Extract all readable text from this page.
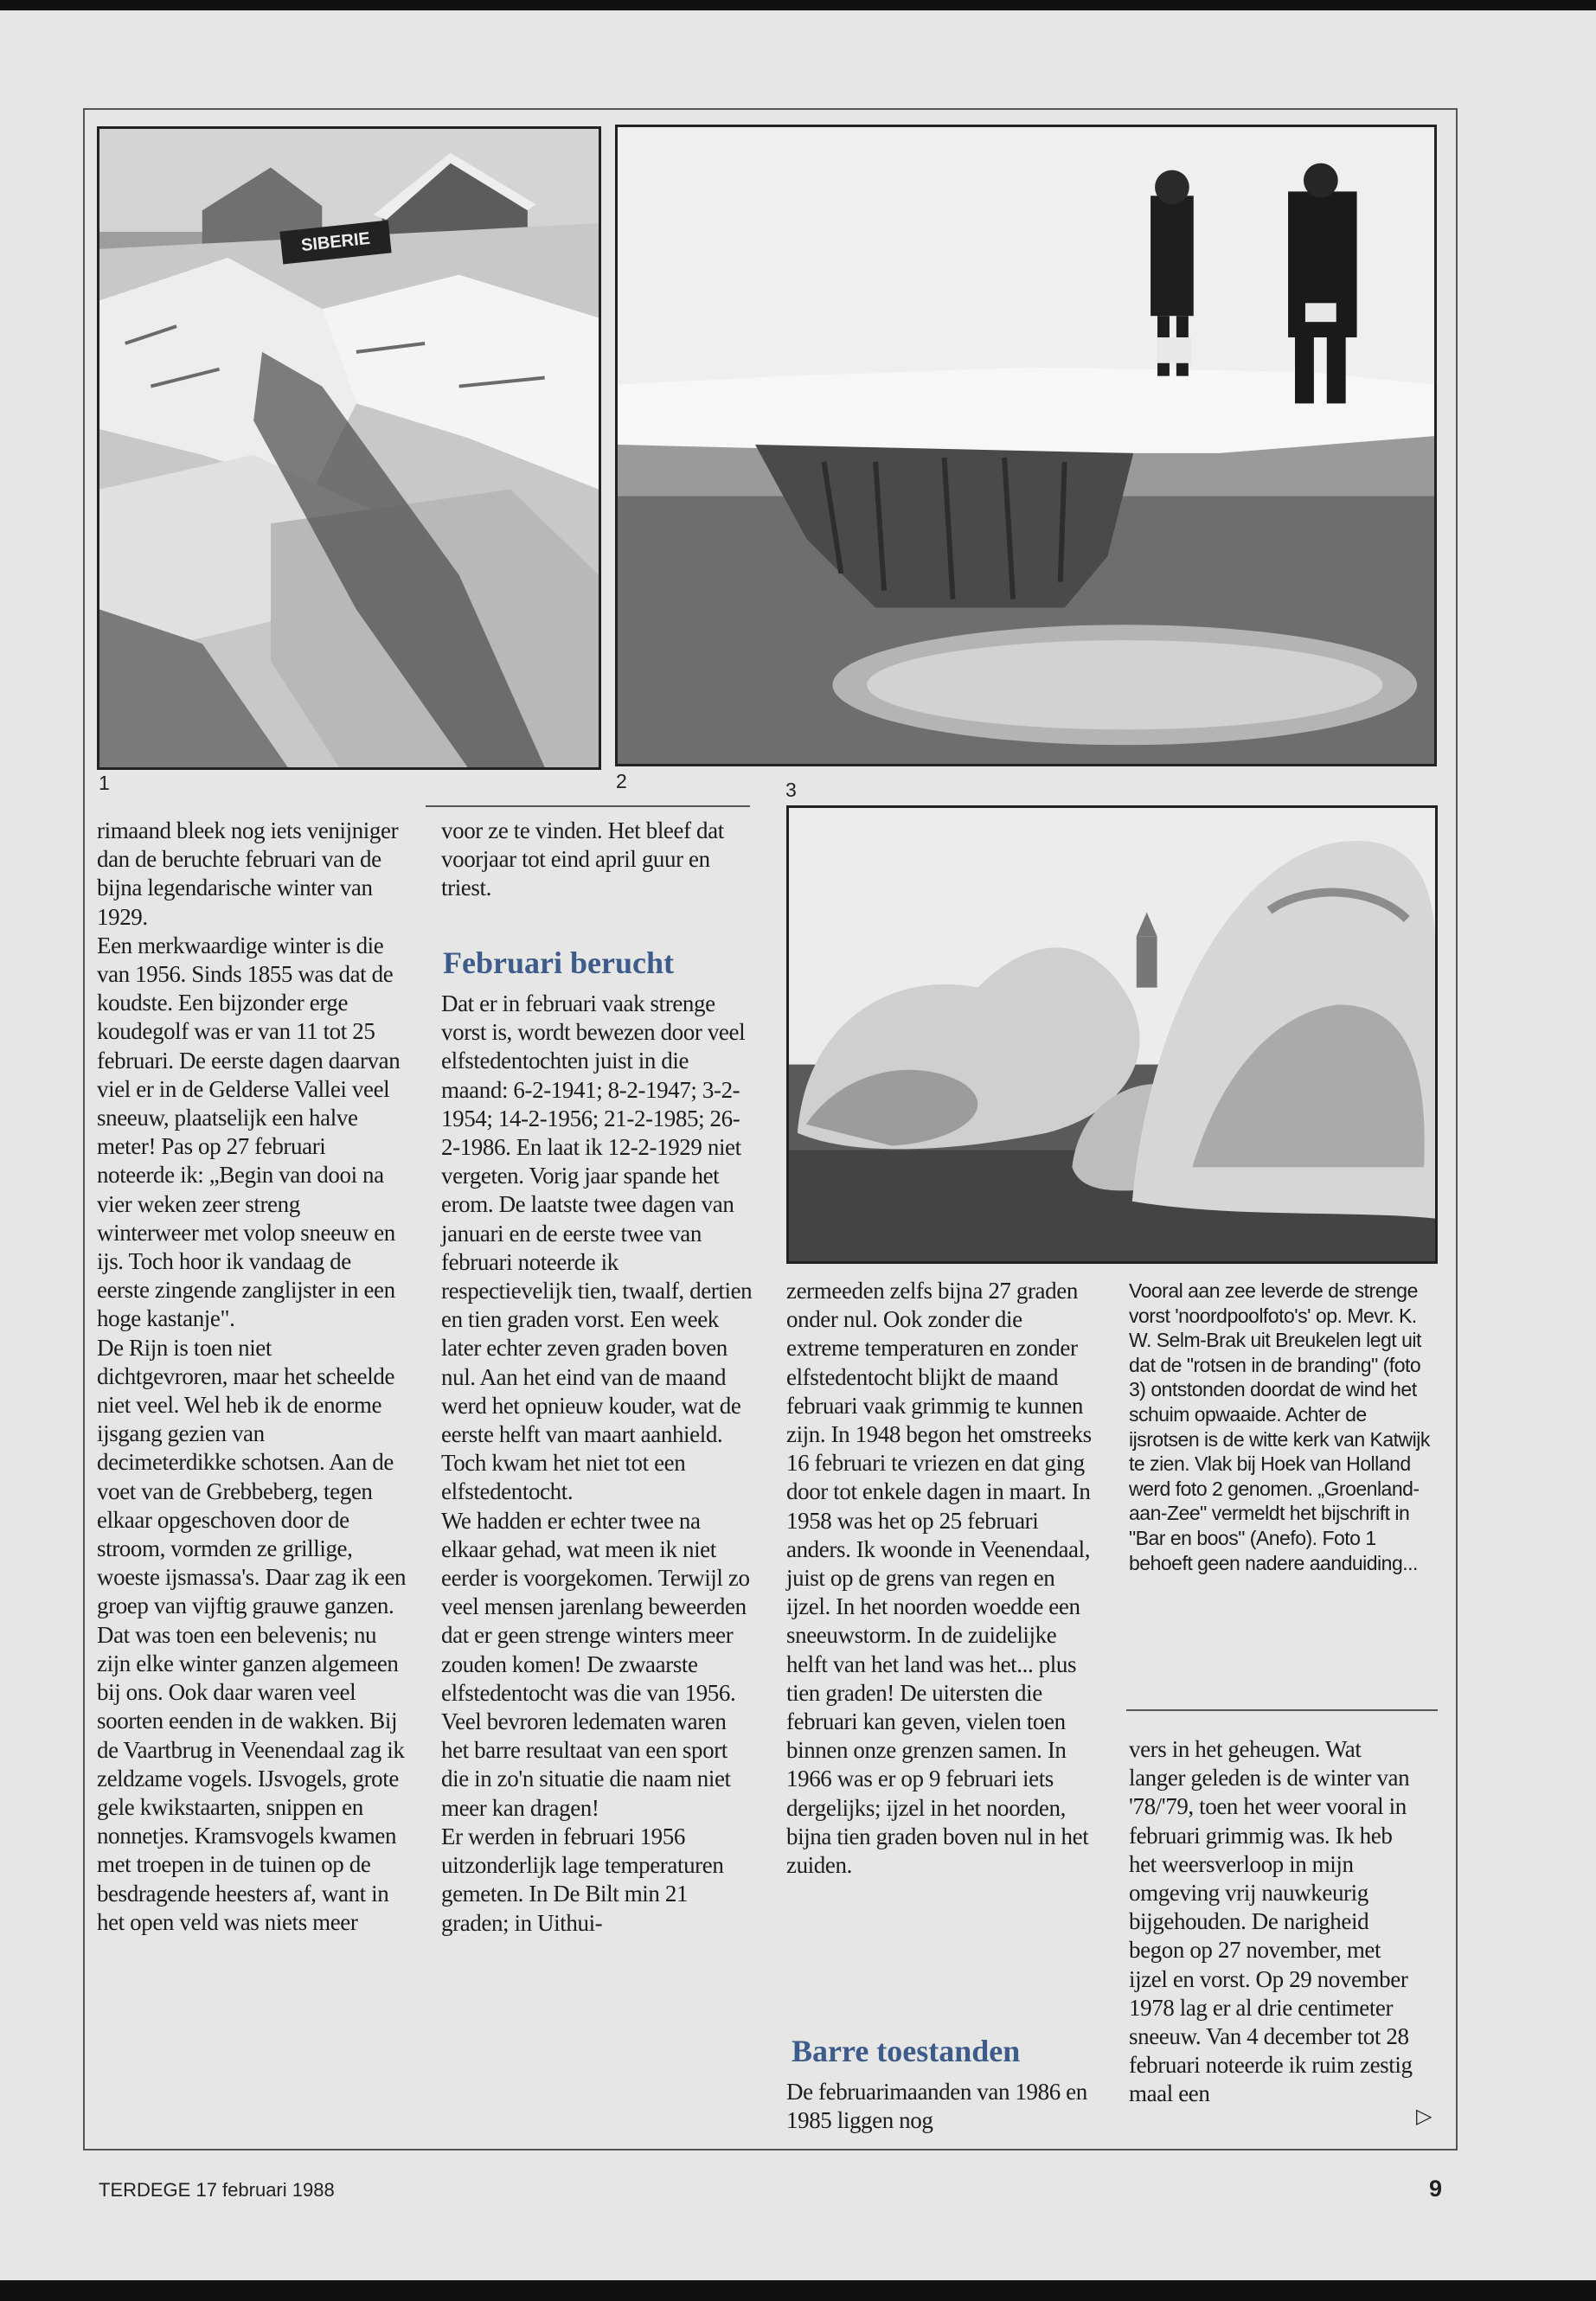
SIBERIE
1	2	3

rimaand bleek nog iets venijniger dan de beruchte februari van de bijna legendarische winter van 1929.

Een merkwaardige winter is die van 1956. Sinds 1855 was dat de koudste. Een bijzonder erge koudegolf was er van 11 tot 25 februari. De eerste dagen daarvan viel er in de Gelderse Vallei veel sneeuw, plaatselijk een halve meter! Pas op 27 februari noteerde ik: „Begin van dooi na vier weken zeer streng winterweer met volop sneeuw en ijs. Toch hoor ik vandaag de eerste zingende zanglijster in een hoge kastanje".

De Rijn is toen niet dichtgevroren, maar het scheelde niet veel. Wel heb ik de enorme ijsgang gezien van decimeterdikke schotsen. Aan de voet van de Grebbeberg, tegen elkaar opgeschoven door de stroom, vormden ze grillige, woeste ijsmassa's. Daar zag ik een groep van vijftig grauwe ganzen. Dat was toen een belevenis; nu zijn elke winter ganzen algemeen bij ons. Ook daar waren veel soorten eenden in de wakken. Bij de Vaartbrug in Veenendaal zag ik zeldzame vogels. IJsvogels, grote gele kwikstaarten, snippen en nonnetjes. Kramsvogels kwamen met troepen in de tuinen op de besdragende heesters af, want in het open veld was niets meer

voor ze te vinden. Het bleef dat voorjaar tot eind april guur en triest.

Februari berucht

Dat er in februari vaak strenge vorst is, wordt bewezen door veel elfstedentochten juist in die maand: 6-2-1941; 8-2-1947; 3-2-1954; 14-2-1956; 21-2-1985; 26-2-1986. En laat ik 12-2-1929 niet vergeten. Vorig jaar spande het erom. De laatste twee dagen van januari en de eerste twee van februari noteerde ik respectievelijk tien, twaalf, dertien en tien graden vorst. Een week later echter zeven graden boven nul. Aan het eind van de maand werd het opnieuw kouder, wat de eerste helft van maart aanhield. Toch kwam het niet tot een elfstedentocht.

We hadden er echter twee na elkaar gehad, wat meen ik niet eerder is voorgekomen. Terwijl zo veel mensen jarenlang beweerden dat er geen strenge winters meer zouden komen! De zwaarste elfstedentocht was die van 1956. Veel bevroren ledematen waren het barre resultaat van een sport die in zo'n situatie die naam niet meer kan dragen!

Er werden in februari 1956 uitzonderlijk lage temperaturen gemeten. In De Bilt min 21 graden; in Uithui-

zermeeden zelfs bijna 27 graden onder nul. Ook zonder die extreme temperaturen en zonder elfstedentocht blijkt de maand februari vaak grimmig te kunnen zijn. In 1948 begon het omstreeks 16 februari te vriezen en dat ging door tot enkele dagen in maart. In 1958 was het op 25 februari anders. Ik woonde in Veenendaal, juist op de grens van regen en ijzel. In het noorden woedde een sneeuwstorm. In de zuidelijke helft van het land was het... plus tien graden! De uitersten die februari kan geven, vielen toen binnen onze grenzen samen. In 1966 was er op 9 februari iets dergelijks; ijzel in het noorden, bijna tien graden boven nul in het zuiden.

Barre toestanden

De februarimaanden van 1986 en 1985 liggen nog

Vooral aan zee leverde de strenge vorst 'noordpoolfoto's' op. Mevr. K. W. Selm-Brak uit Breukelen legt uit dat de "rotsen in de branding" (foto 3) ontstonden doordat de wind het schuim opwaaide. Achter de ijsrotsen is de witte kerk van Katwijk te zien. Vlak bij Hoek van Holland werd foto 2 genomen. „Groenland-aan-Zee" vermeldt het bijschrift in "Bar en boos" (Anefo). Foto 1 behoeft geen nadere aanduiding...

vers in het geheugen. Wat langer geleden is de winter van '78/'79, toen het weer vooral in februari grimmig was. Ik heb het weersverloop in mijn omgeving vrij nauwkeurig bijgehouden. De narigheid begon op 27 november, met ijzel en vorst. Op 29 november 1978 lag er al drie centimeter sneeuw. Van 4 december tot 28 februari noteerde ik ruim zestig maal een

▷
TERDEGE 17 februari 1988	9
